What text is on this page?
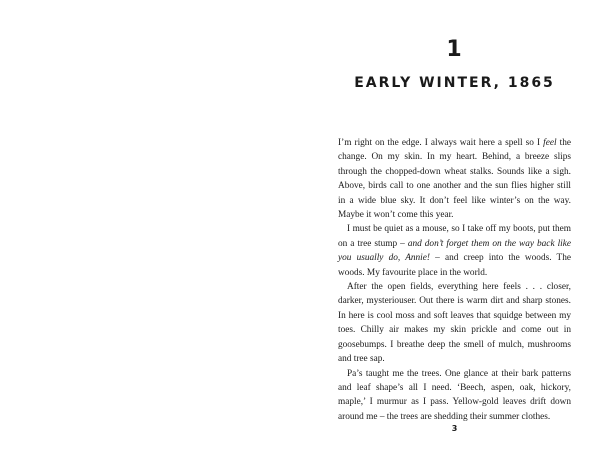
1
EARLY WINTER, 1865

I’m right on the edge. I always wait here a spell so I feel the change. On my skin. In my heart. Behind, a breeze slips through the chopped-down wheat stalks. Sounds like a sigh. Above, birds call to one another and the sun flies higher still in a wide blue sky. It don’t feel like winter’s on the way. Maybe it won’t come this year.

I must be quiet as a mouse, so I take off my boots, put them on a tree stump – and don’t forget them on the way back like you usually do, Annie! – and creep into the woods. The woods. My favourite place in the world.

After the open fields, everything here feels . . . closer, darker, mysteriouser. Out there is warm dirt and sharp stones. In here is cool moss and soft leaves that squidge between my toes. Chilly air makes my skin prickle and come out in goosebumps. I breathe deep the smell of mulch, mushrooms and tree sap.

Pa’s taught me the trees. One glance at their bark patterns and leaf shape’s all I need. ‘Beech, aspen, oak, hickory, maple,’ I murmur as I pass. Yellow-gold leaves drift down around me – the trees are shedding their summer clothes.

3
